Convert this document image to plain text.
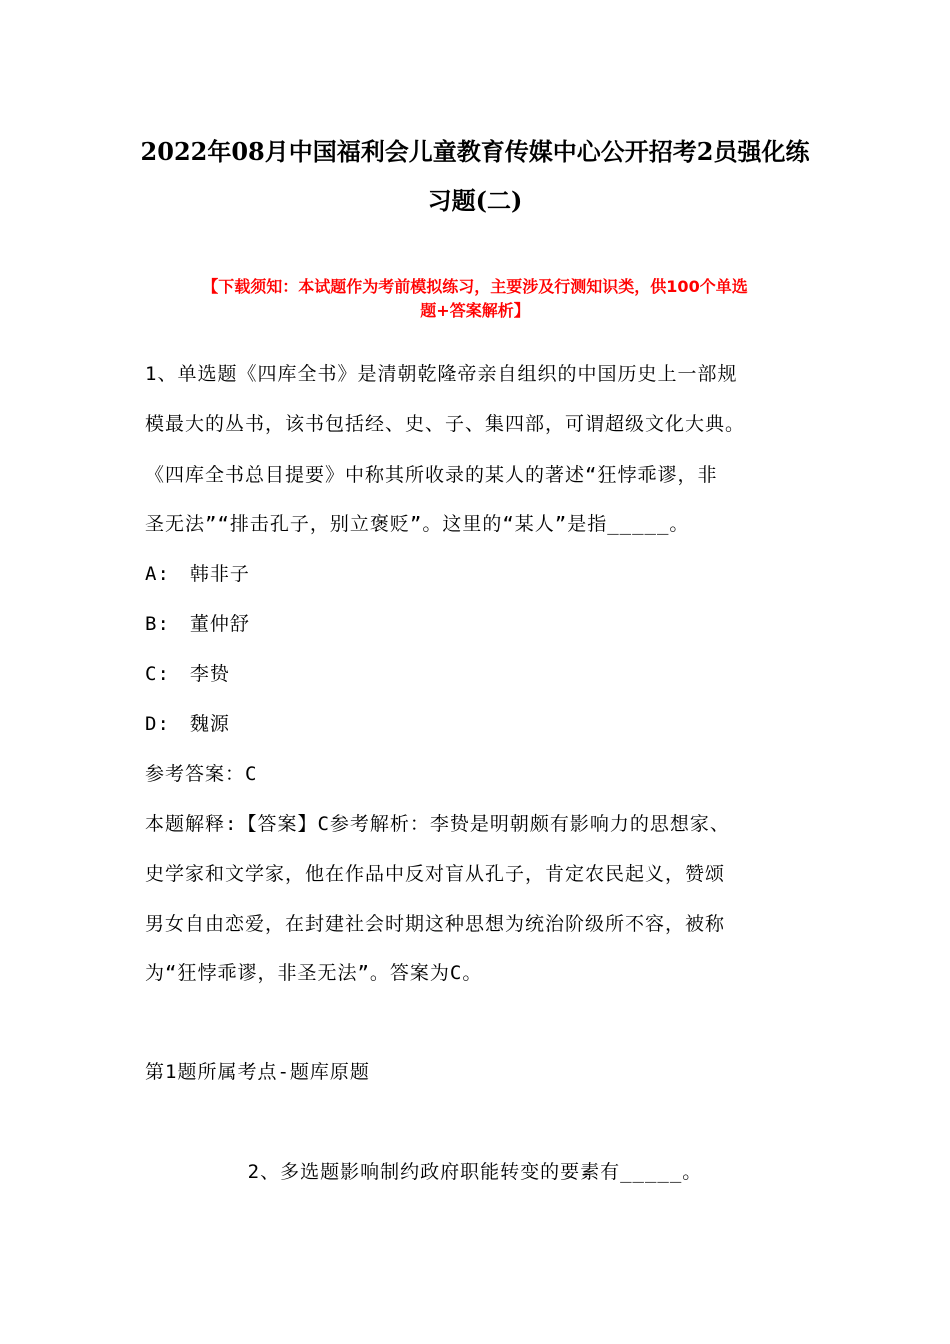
2022年08月中国福利会儿童教育传媒中心公开招考2员强化练
习题(二)
【下载须知：本试题作为考前模拟练习，主要涉及行测知识类，供100个单选
题+答案解析】
1、单选题《四库全书》是清朝乾隆帝亲自组织的中国历史上一部规
模最大的丛书，该书包括经、史、子、集四部，可谓超级文化大典。
《四库全书总目提要》中称其所收录的某人的著述“狂悖乖谬，非
圣无法”“排击孔子，别立褒贬”。这里的“某人”是指_____。
A:　韩非子
B:　董仲舒
C:　李贽
D:　魏源
参考答案：C
本题解释:【答案】C参考解析：李贽是明朝颇有影响力的思想家、
史学家和文学家，他在作品中反对盲从孔子，肯定农民起义，赞颂
男女自由恋爱，在封建社会时期这种思想为统治阶级所不容，被称
为“狂悖乖谬，非圣无法”。答案为C。
第1题所属考点-题库原题
2、多选题影响制约政府职能转变的要素有_____。
